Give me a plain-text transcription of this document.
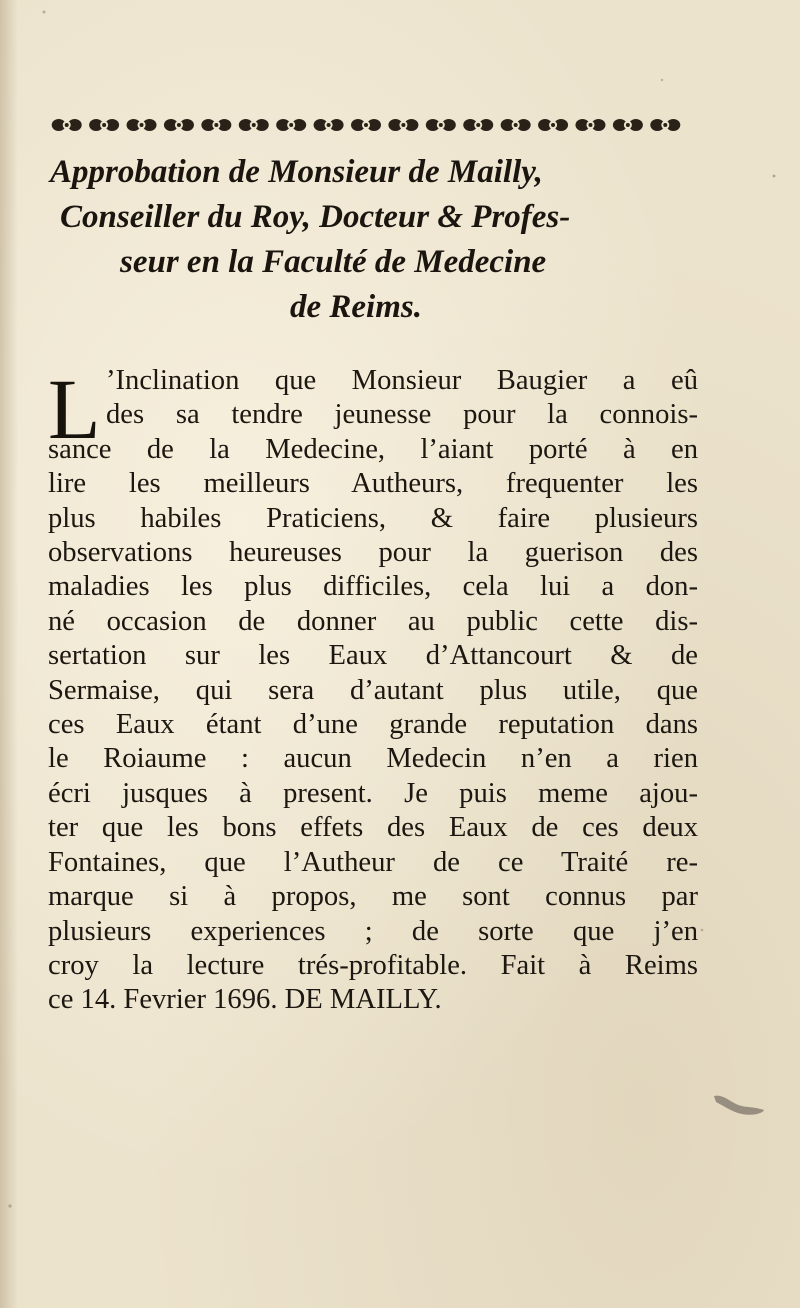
Approbation de Monsieur de Mailly,
Conseiller du Roy, Docteur & Profes-
seur en la Faculté de Medecine
de Reims.
L ’Inclination que Monsieur Baugier a eû
des sa tendre jeunesse pour la connois-
sance de la Medecine, l’aiant porté à en
lire les meilleurs Autheurs, frequenter les
plus habiles Praticiens, & faire plusieurs
observations heureuses pour la guerison des
maladies les plus difficiles, cela lui a don-
né occasion de donner au public cette dis-
sertation sur les Eaux d’Attancourt & de
Sermaise, qui sera d’autant plus utile, que
ces Eaux étant d’une grande reputation dans
le Roiaume : aucun Medecin n’en a rien
écri jusques à present. Je puis meme ajou-
ter que les bons effets des Eaux de ces deux
Fontaines, que l’Autheur de ce Traité re-
marque si à propos, me sont connus par
plusieurs experiences ; de sorte que j’en
croy la lecture trés-profitable. Fait à Reims
ce 14. Fevrier 1696. DE MAILLY.
